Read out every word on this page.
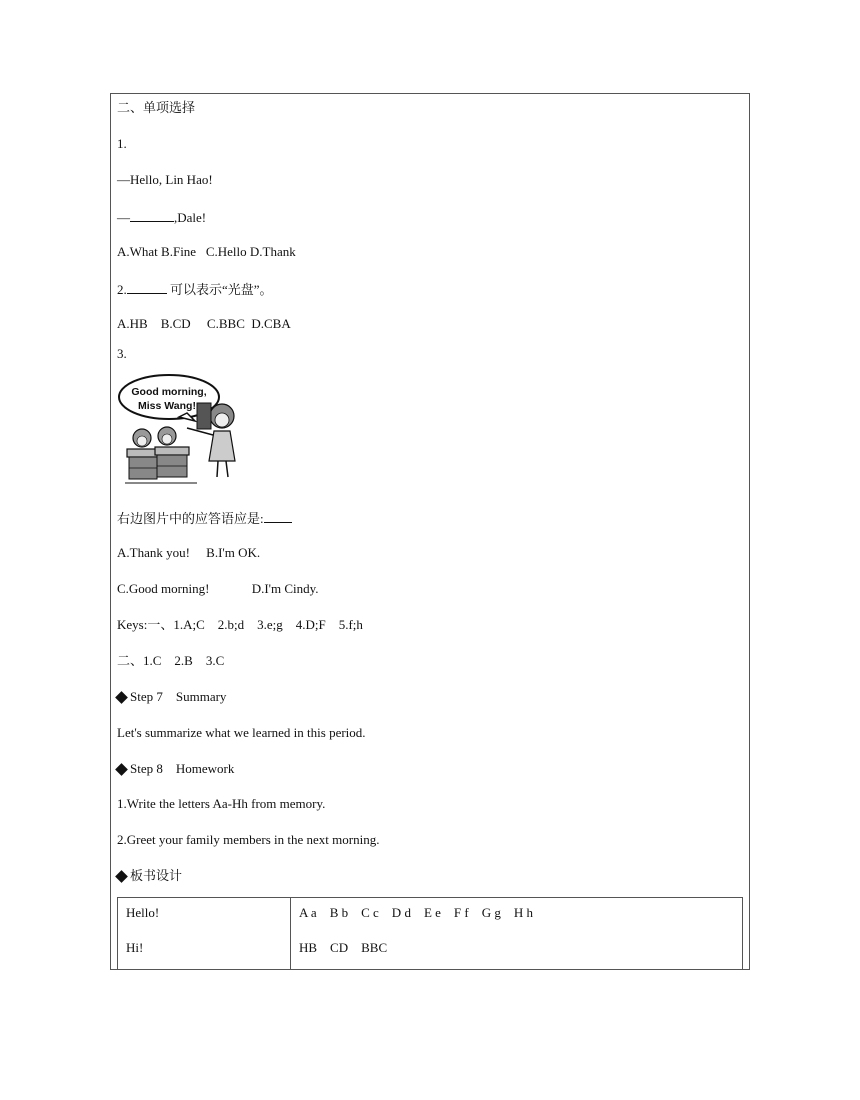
二、单项选择
1.
—Hello, Lin Hao!
—	,Dale!
A.What B.Fine   C.Hello D.Thank
2.	可以表示“光盘”。
A.HB    B.CD     C.BBC  D.CBA
3.
Good morning,
Miss Wang!
右边图片中的应答语应是:
A.Thank you!     B.I'm OK.
C.Good morning!             D.I'm Cindy.
Keys:一、1.A;C    2.b;d    3.e;g    4.D;F    5.f;h
二、1.C    2.B    3.C
Step 7    Summary
Let's summarize what we learned in this period.
Step 8    Homework
1.Write the letters Aa-Hh from memory.
2.Greet your family members in the next morning.
板书设计
Hello!
Hi!
A a    B b    C c    D d    E e    F f    G g    H h
HB    CD    BBC
